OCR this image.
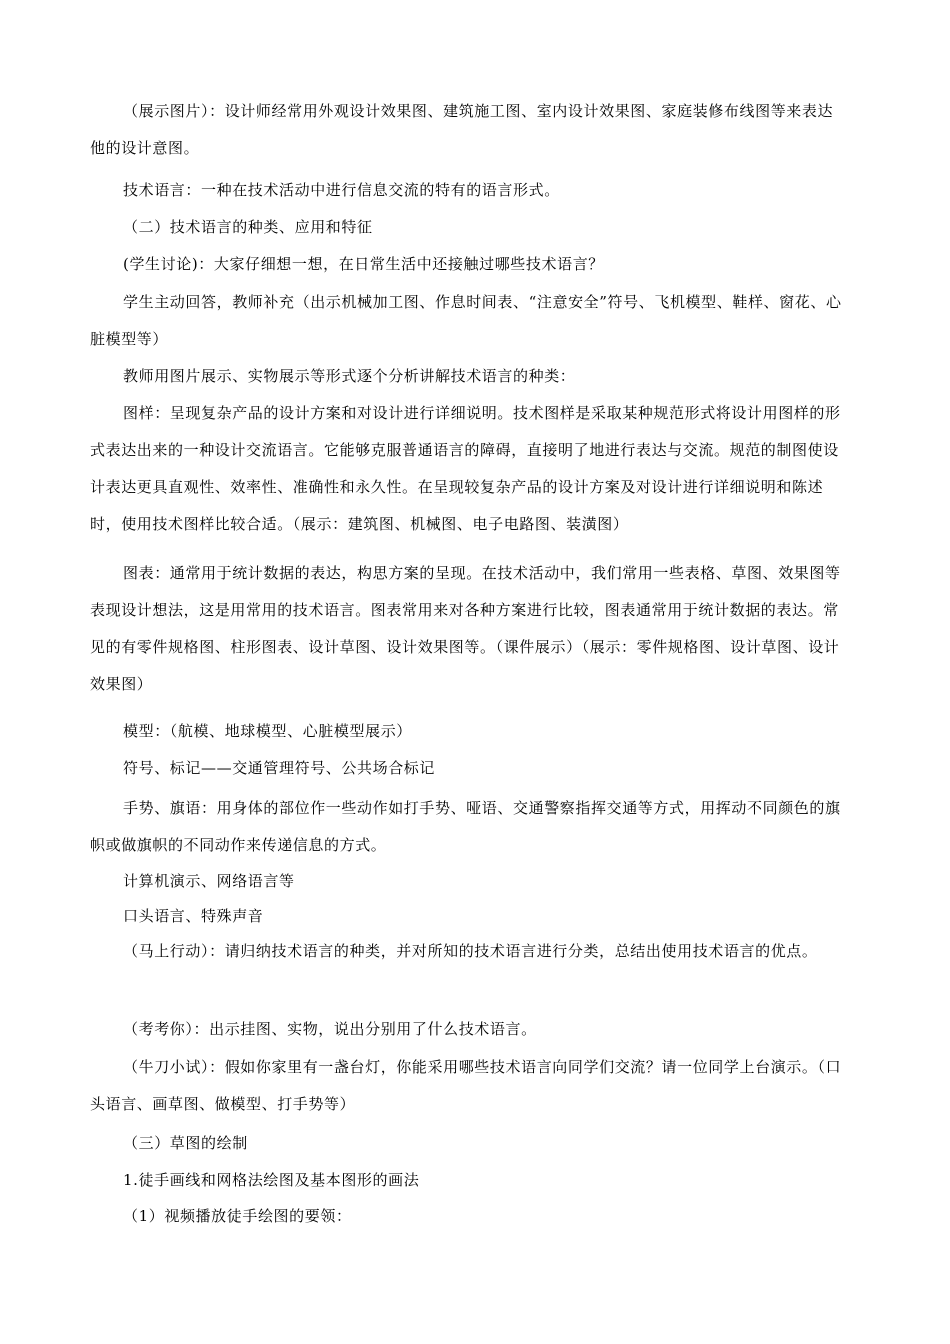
（展示图片）：设计师经常用外观设计效果图、建筑施工图、室内设计效果图、家庭装修布线图等来表达他的设计意图。

技术语言：一种在技术活动中进行信息交流的特有的语言形式。

（二）技术语言的种类、应用和特征

(学生讨论)：大家仔细想一想，在日常生活中还接触过哪些技术语言？

学生主动回答，教师补充（出示机械加工图、作息时间表、“注意安全”符号、飞机模型、鞋样、窗花、心脏模型等）

教师用图片展示、实物展示等形式逐个分析讲解技术语言的种类：

图样：呈现复杂产品的设计方案和对设计进行详细说明。技术图样是采取某种规范形式将设计用图样的形式表达出来的一种设计交流语言。它能够克服普通语言的障碍，直接明了地进行表达与交流。规范的制图使设计表达更具直观性、效率性、准确性和永久性。在呈现较复杂产品的设计方案及对设计进行详细说明和陈述时，使用技术图样比较合适。（展示：建筑图、机械图、电子电路图、装潢图）

图表：通常用于统计数据的表达，构思方案的呈现。在技术活动中，我们常用一些表格、草图、效果图等表现设计想法，这是用常用的技术语言。图表常用来对各种方案进行比较，图表通常用于统计数据的表达。常见的有零件规格图、柱形图表、设计草图、设计效果图等。（课件展示）（展示：零件规格图、设计草图、设计效果图）

模型：（航模、地球模型、心脏模型展示）

符号、标记——交通管理符号、公共场合标记

手势、旗语：用身体的部位作一些动作如打手势、哑语、交通警察指挥交通等方式，用挥动不同颜色的旗帜或做旗帜的不同动作来传递信息的方式。

计算机演示、网络语言等

口头语言、特殊声音

（马上行动）：请归纳技术语言的种类，并对所知的技术语言进行分类，总结出使用技术语言的优点。

（考考你）：出示挂图、实物，说出分别用了什么技术语言。

（牛刀小试）：假如你家里有一盏台灯，你能采用哪些技术语言向同学们交流？请一位同学上台演示。（口头语言、画草图、做模型、打手势等）

（三）草图的绘制

1.徒手画线和网格法绘图及基本图形的画法

（1）视频播放徒手绘图的要领：
